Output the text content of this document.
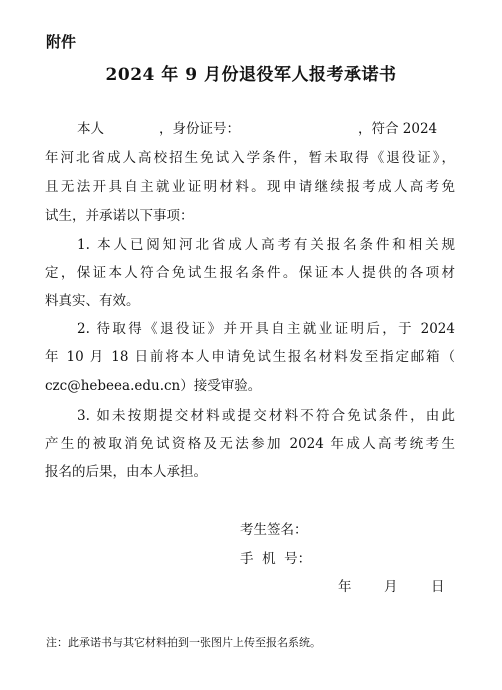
附件
2024 年 9 月份退役军人报考承诺书
本人	，身份证号：	，符合 2024
年河北省成人高校招生免试入学条件，暂未取得《退役证》，
且无法开具自主就业证明材料。现申请继续报考成人高考免
试生，并承诺以下事项：
1. 本人已阅知河北省成人高考有关报名条件和相关规
定，保证本人符合免试生报名条件。保证本人提供的各项材
料真实、有效。
2. 待取得《退役证》并开具自主就业证明后，于 2024
年 10 月 18 日前将本人申请免试生报名材料发至指定邮箱（
czc@hebeea.edu.cn）接受审验。
3. 如未按期提交材料或提交材料不符合免试条件，由此
产生的被取消免试资格及无法参加 2024 年成人高考统考生
报名的后果，由本人承担。
考生签名：
手  机  号：
年 月 日
注：此承诺书与其它材料拍到一张图片上传至报名系统。
